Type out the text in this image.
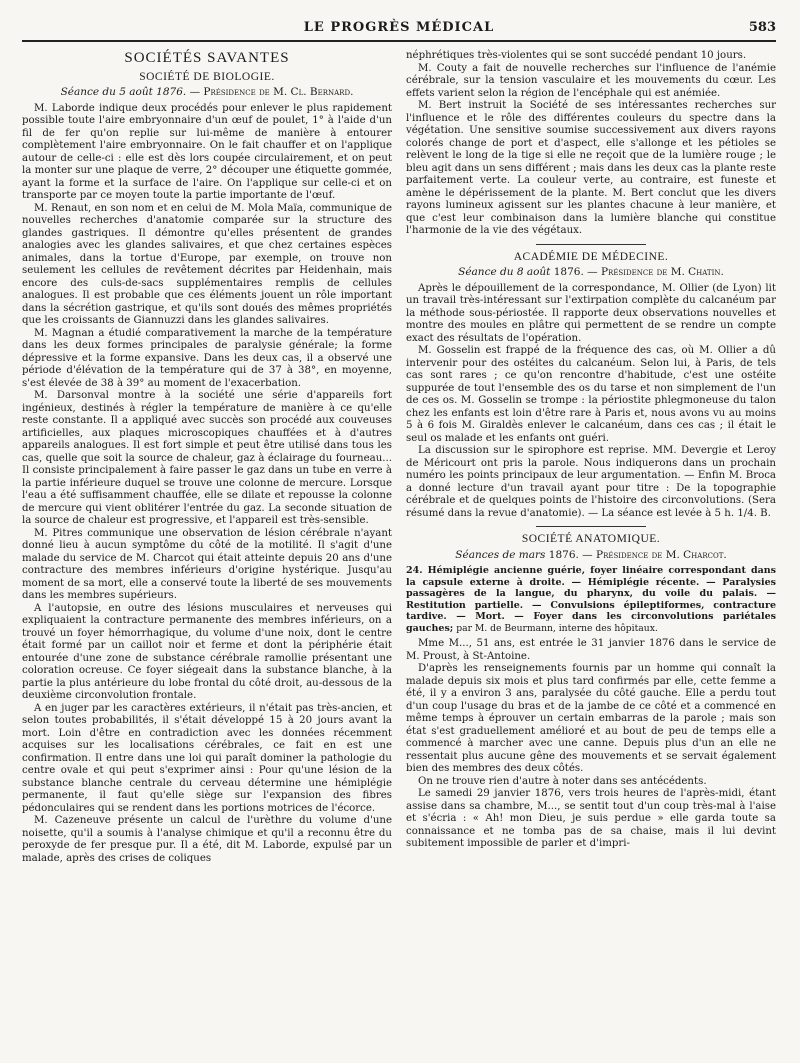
LE PROGRÈS MÉDICAL	583
SOCIÉTÉS SAVANTES
SOCIÉTÉ DE BIOLOGIE.
Séance du 5 août 1876. — Présidence de M. Cl. Bernard.

M. Laborde indique deux procédés pour enlever le plus rapidement possible toute l'aire embryonnaire d'un œuf de poulet, 1° à l'aide d'un fil de fer qu'on replie sur lui-même de manière à entourer complètement l'aire embryonnaire. On le fait chauffer et on l'applique autour de celle-ci : elle est dès lors coupée circulairement, et on peut la monter sur une plaque de verre, 2° découper une étiquette gommée, ayant la forme et la surface de l'aire. On l'applique sur celle-ci et on transporte par ce moyen toute la partie importante de l'œuf.

M. Renaut, en son nom et en celui de M. Mola Maïa, communique de nouvelles recherches d'anatomie comparée sur la structure des glandes gastriques. Il démontre qu'elles présentent de grandes analogies avec les glandes salivaires, et que chez certaines espèces animales, dans la tortue d'Europe, par exemple, on trouve non seulement les cellules de revêtement décrites par Heidenhain, mais encore des culs-de-sacs supplémentaires remplis de cellules analogues. Il est probable que ces éléments jouent un rôle important dans la sécrétion gastrique, et qu'ils sont doués des mêmes propriétés que les croissants de Giannuzzi dans les glandes salivaires.

M. Magnan a étudié comparativement la marche de la température dans les deux formes principales de paralysie générale; la forme dépressive et la forme expansive. Dans les deux cas, il a observé une période d'élévation de la température qui de 37 à 38°, en moyenne, s'est élevée de 38 à 39° au moment de l'exacerbation.

M. Darsonval montre à la société une série d'appareils fort ingénieux, destinés à régler la température de manière à ce qu'elle reste constante. Il a appliqué avec succès son procédé aux couveuses artificielles, aux plaques microscopiques chauffées et à d'autres appareils analogues. Il est fort simple et peut être utilisé dans tous les cas, quelle que soit la source de chaleur, gaz à éclairage du fourneau... Il consiste principalement à faire passer le gaz dans un tube en verre à la partie inférieure duquel se trouve une colonne de mercure. Lorsque l'eau a été suffisamment chauffée, elle se dilate et repousse la colonne de mercure qui vient oblitérer l'entrée du gaz. La seconde situation de la source de chaleur est progressive, et l'appareil est très-sensible.

M. Pitres communique une observation de lésion cérébrale n'ayant donné lieu à aucun symptôme du côté de la motilité. Il s'agit d'une malade du service de M. Charcot qui était atteinte depuis 20 ans d'une contracture des membres inférieurs d'origine hystérique. Jusqu'au moment de sa mort, elle a conservé toute la liberté de ses mouvements dans les membres supérieurs.

A l'autopsie, en outre des lésions musculaires et nerveuses qui expliquaient la contracture permanente des membres inférieurs, on a trouvé un foyer hémorrhagique, du volume d'une noix, dont le centre était formé par un caillot noir et ferme et dont la périphérie était entourée d'une zone de substance cérébrale ramollie présentant une coloration ocreuse. Ce foyer siégeait dans la substance blanche, à la partie la plus antérieure du lobe frontal du côté droit, au-dessous de la deuxième circonvolution frontale.

A en juger par les caractères extérieurs, il n'était pas très-ancien, et selon toutes probabilités, il s'était développé 15 à 20 jours avant la mort. Loin d'être en contradiction avec les données récemment acquises sur les localisations cérébrales, ce fait en est une confirmation. Il entre dans une loi qui paraît dominer la pathologie du centre ovale et qui peut s'exprimer ainsi : Pour qu'une lésion de la substance blanche centrale du cerveau détermine une hémiplégie permanente, il faut qu'elle siège sur l'expansion des fibres pédonculaires qui se rendent dans les portions motrices de l'écorce.

M. Cazeneuve présente un calcul de l'urèthre du volume d'une noisette, qu'il a soumis à l'analyse chimique et qu'il a reconnu être du peroxyde de fer presque pur. Il a été, dit M. Laborde, expulsé par un malade, après des crises de coliques

néphrétiques très-violentes qui se sont succédé pendant 10 jours.

M. Couty a fait de nouvelle recherches sur l'influence de l'anémie cérébrale, sur la tension vasculaire et les mouvements du cœur. Les effets varient selon la région de l'encéphale qui est anémiée.

M. Bert instruit la Société de ses intéressantes recherches sur l'influence et le rôle des différentes couleurs du spectre dans la végétation. Une sensitive soumise successivement aux divers rayons colorés change de port et d'aspect, elle s'allonge et les pétioles se relèvent le long de la tige si elle ne reçoit que de la lumière rouge ; le bleu agit dans un sens différent ; mais dans les deux cas la plante reste parfaitement verte. La couleur verte, au contraire, est funeste et amène le dépérissement de la plante. M. Bert conclut que les divers rayons lumineux agissent sur les plantes chacune à leur manière, et que c'est leur combinaison dans la lumière blanche qui constitue l'harmonie de la vie des végétaux.

ACADÉMIE DE MÉDECINE.
Séance du 8 août 1876. — Présidence de M. Chatin.

Après le dépouillement de la correspondance, M. Ollier (de Lyon) lit un travail très-intéressant sur l'extirpation complète du calcanéum par la méthode sous-périostée. Il rapporte deux observations nouvelles et montre des moules en plâtre qui permettent de se rendre un compte exact des résultats de l'opération.

M. Gosselin est frappé de la fréquence des cas, où M. Ollier a dû intervenir pour des ostéites du calcanéum. Selon lui, à Paris, de tels cas sont rares ; ce qu'on rencontre d'habitude, c'est une ostéite suppurée de tout l'ensemble des os du tarse et non simplement de l'un de ces os. M. Gosselin se trompe : la périostite phlegmoneuse du talon chez les enfants est loin d'être rare à Paris et, nous avons vu au moins 5 à 6 fois M. Giraldès enlever le calcanéum, dans ces cas ; il était le seul os malade et les enfants ont guéri.

La discussion sur le spirophore est reprise. MM. Devergie et Leroy de Méricourt ont pris la parole. Nous indiquerons dans un prochain numéro les points principaux de leur argumentation. — Enfin M. Broca a donné lecture d'un travail ayant pour titre : De la topographie cérébrale et de quelques points de l'histoire des circonvolutions. (Sera résumé dans la revue d'anatomie). — La séance est levée à 5 h. 1/4. B.

SOCIÉTÉ ANATOMIQUE.
Séances de mars 1876. — Présidence de M. Charcot.

24. Hémiplégie ancienne guérie, foyer linéaire correspondant dans la capsule externe à droite. — Hémiplégie récente. — Paralysies passagères de la langue, du pharynx, du voile du palais. — Restitution partielle. — Convulsions épileptiformes, contracture tardive. — Mort. — Foyer dans les circonvolutions pariétales gauches; par M. de Beurmann, interne des hôpitaux.

Mme M..., 51 ans, est entrée le 31 janvier 1876 dans le service de M. Proust, à St-Antoine.

D'après les renseignements fournis par un homme qui connaît la malade depuis six mois et plus tard confirmés par elle, cette femme a été, il y a environ 3 ans, paralysée du côté gauche. Elle a perdu tout d'un coup l'usage du bras et de la jambe de ce côté et a commencé en même temps à éprouver un certain embarras de la parole ; mais son état s'est graduellement amélioré et au bout de peu de temps elle a commencé à marcher avec une canne. Depuis plus d'un an elle ne ressentait plus aucune gêne des mouvements et se servait également bien des membres des deux côtés.

On ne trouve rien d'autre à noter dans ses antécédents.

Le samedi 29 janvier 1876, vers trois heures de l'après-midi, étant assise dans sa chambre, M..., se sentit tout d'un coup très-mal à l'aise et s'écria : « Ah! mon Dieu, je suis perdue » elle garda toute sa connaissance et ne tomba pas de sa chaise, mais il lui devint subitement impossible de parler et d'impri-
